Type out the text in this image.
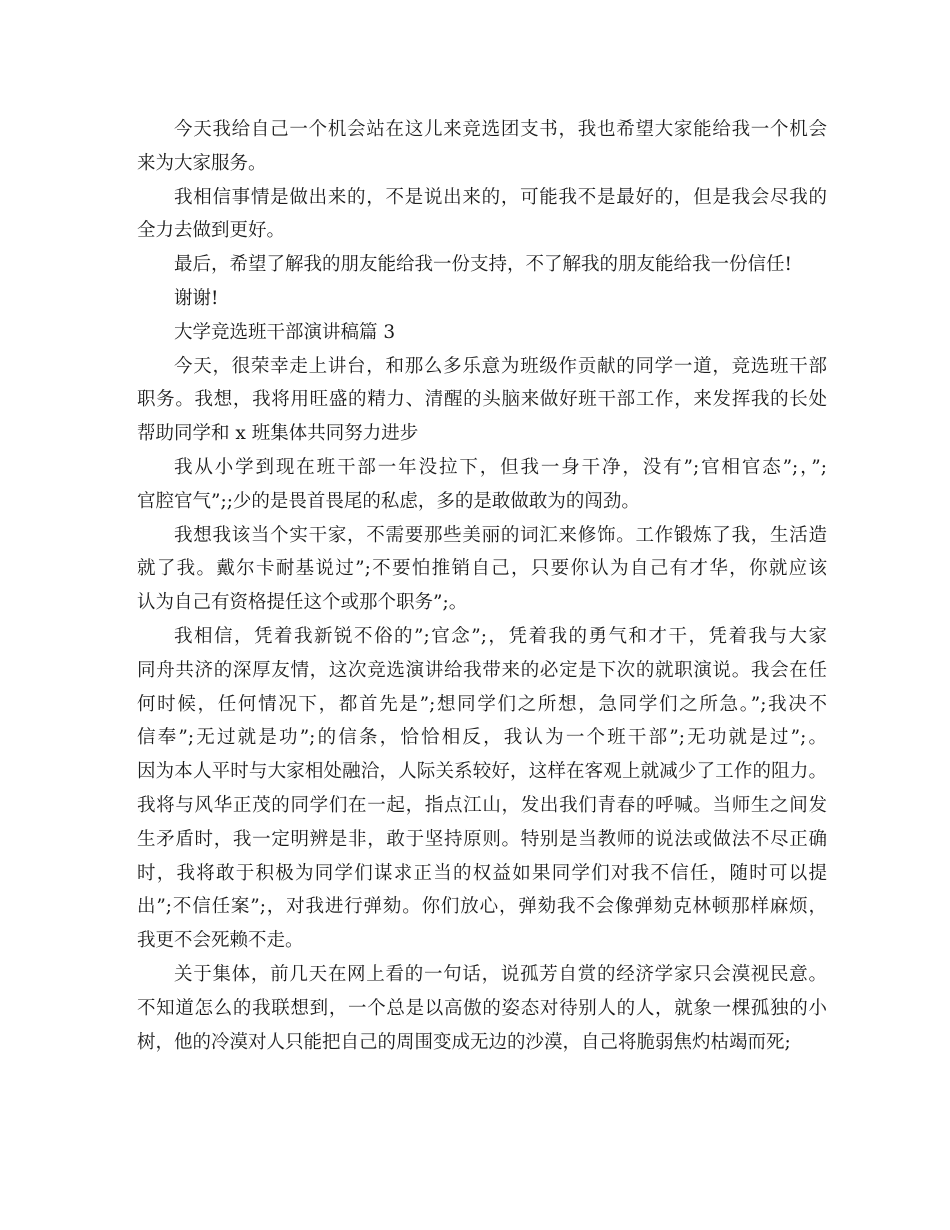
今天我给自己一个机会站在这儿来竞选团支书，我也希望大家能给我一个机会
来为大家服务。
我相信事情是做出来的，不是说出来的，可能我不是最好的，但是我会尽我的
全力去做到更好。
最后，希望了解我的朋友能给我一份支持，不了解我的朋友能给我一份信任!
谢谢!
大学竞选班干部演讲稿篇 3
今天，很荣幸走上讲台，和那么多乐意为班级作贡献的同学一道，竞选班干部
职务。我想，我将用旺盛的精力、清醒的头脑来做好班干部工作，来发挥我的长处
帮助同学和 x 班集体共同努力进步
我从小学到现在班干部一年没拉下，但我一身干净，没有”;官相官态”;，”;
官腔官气”;;少的是畏首畏尾的私虑，多的是敢做敢为的闯劲。
我想我该当个实干家，不需要那些美丽的词汇来修饰。工作锻炼了我，生活造
就了我。戴尔卡耐基说过”;不要怕推销自己，只要你认为自己有才华，你就应该
认为自己有资格提任这个或那个职务”;。
我相信，凭着我新锐不俗的”;官念”;，凭着我的勇气和才干，凭着我与大家
同舟共济的深厚友情，这次竞选演讲给我带来的必定是下次的就职演说。我会在任
何时候，任何情况下，都首先是”;想同学们之所想，急同学们之所急。”;我决不
信奉”;无过就是功”;的信条，恰恰相反，我认为一个班干部”;无功就是过”;。
因为本人平时与大家相处融洽，人际关系较好，这样在客观上就减少了工作的阻力。
我将与风华正茂的同学们在一起，指点江山，发出我们青春的呼喊。当师生之间发
生矛盾时，我一定明辨是非，敢于坚持原则。特别是当教师的说法或做法不尽正确
时，我将敢于积极为同学们谋求正当的权益如果同学们对我不信任，随时可以提
出”;不信任案”;，对我进行弹劾。你们放心，弹劾我不会像弹劾克林顿那样麻烦，
我更不会死赖不走。
关于集体，前几天在网上看的一句话，说孤芳自赏的经济学家只会漠视民意。
不知道怎么的我联想到，一个总是以高傲的姿态对待别人的人，就象一棵孤独的小
树，他的冷漠对人只能把自己的周围变成无边的沙漠，自己将脆弱焦灼枯竭而死;
